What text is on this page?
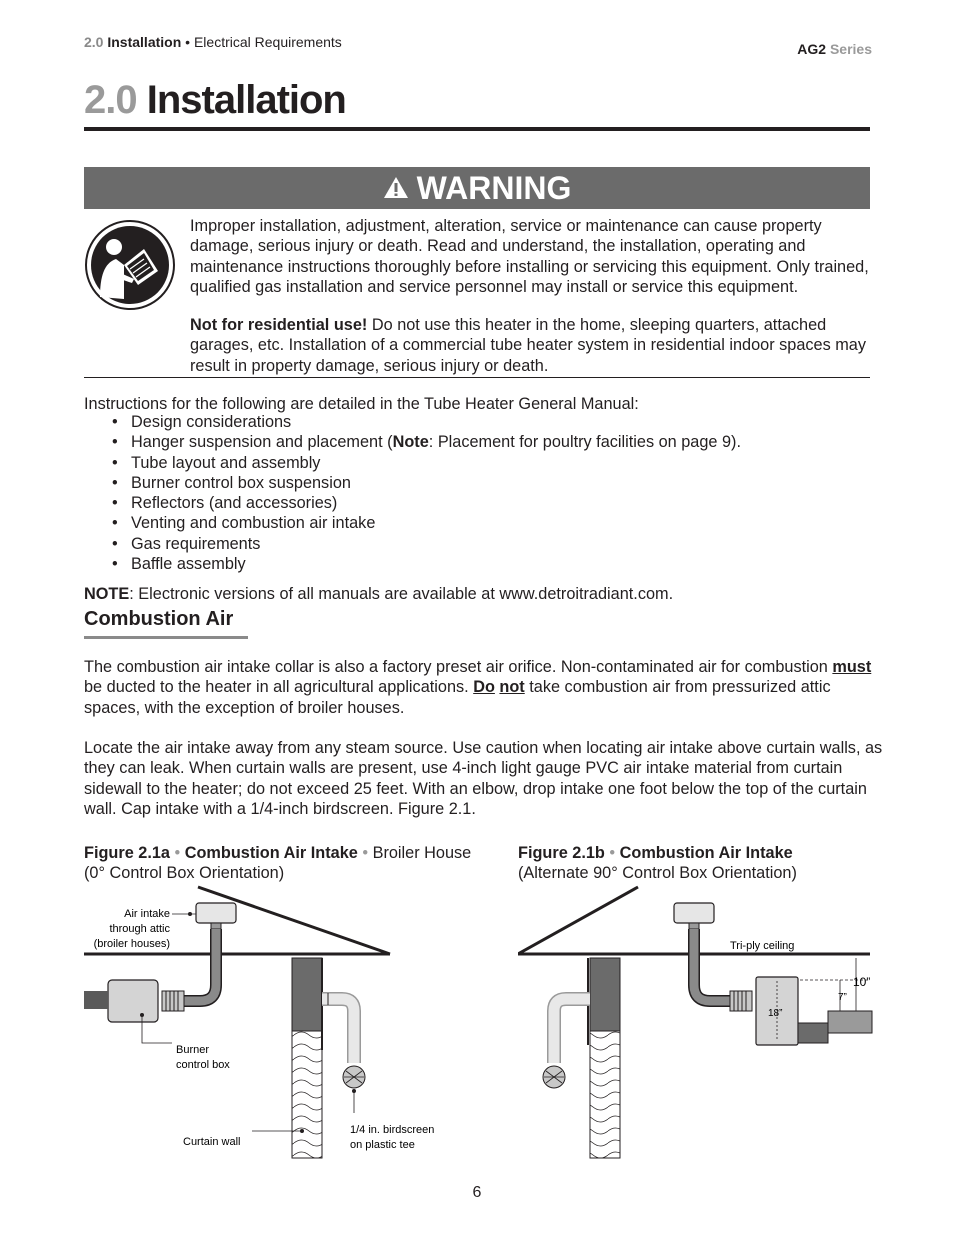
2.0 Installation • Electrical Requirements	AG2 Series
2.0 Installation
WARNING
Improper installation, adjustment, alteration, service or maintenance can cause property damage, serious injury or death. Read and understand, the installation, operating and maintenance instructions thoroughly before installing or servicing this equipment. Only trained, qualified gas installation and service personnel may install or service this equipment.
Not for residential use! Do not use this heater in the home, sleeping quarters, attached garages, etc. Installation of a commercial tube heater system in residential indoor spaces may result in property damage, serious injury or death.
Instructions for the following are detailed in the Tube Heater General Manual:
• Design considerations
• Hanger suspension and placement (Note: Placement for poultry facilities on page 9).
• Tube layout and assembly
• Burner control box suspension
• Reflectors (and accessories)
• Venting and combustion air intake
• Gas requirements
• Baffle assembly
NOTE: Electronic versions of all manuals are available at www.detroitradiant.com.
Combustion Air
The combustion air intake collar is also a factory preset air orifice. Non-contaminated air for combustion must be ducted to the heater in all agricultural applications. Do not take combustion air from pressurized attic spaces, with the exception of broiler houses.
Locate the air intake away from any steam source. Use caution when locating air intake above curtain walls, as they can leak. When curtain walls are present, use 4-inch light gauge PVC air intake material from curtain sidewall to the heater; do not exceed 25 feet. With an elbow, drop intake one foot below the top of the curtain wall. Cap intake with a 1/4-inch birdscreen. Figure 2.1.
Figure 2.1a • Combustion Air Intake • Broiler House
(0° Control Box Orientation)
Figure 2.1b • Combustion Air Intake
(Alternate 90° Control Box Orientation)
Air intake
through attic
(broiler houses)
Burner
control box
Curtain wall
1/4 in. birdscreen
on plastic tee
Tri-ply ceiling
10”
7”
18”
6
